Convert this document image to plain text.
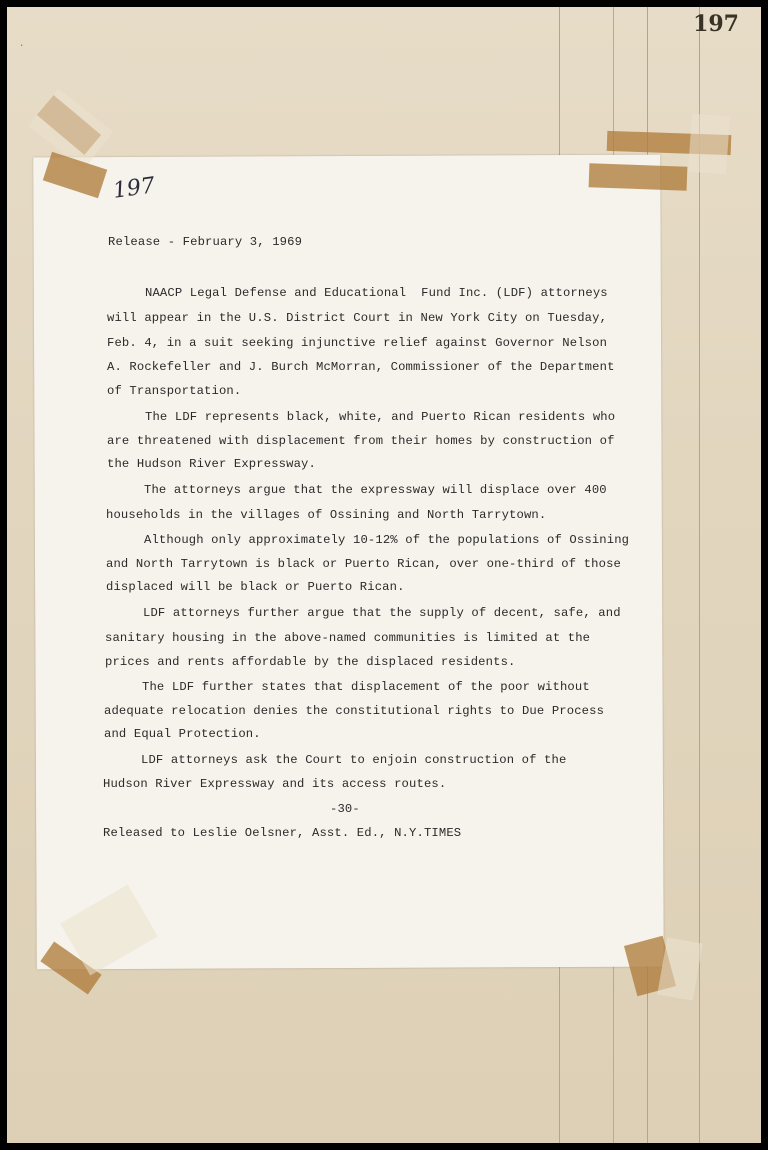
197
·
197
Release - February 3, 1969
NAACP Legal Defense and Educational  Fund Inc. (LDF) attorneys
will appear in the U.S. District Court in New York City on Tuesday,
Feb. 4, in a suit seeking injunctive relief against Governor Nelson
A. Rockefeller and J. Burch McMorran, Commissioner of the Department
of Transportation.
The LDF represents black, white, and Puerto Rican residents who
are threatened with displacement from their homes by construction of
the Hudson River Expressway.
The attorneys argue that the expressway will displace over 400
households in the villages of Ossining and North Tarrytown.
Although only approximately 10-12% of the populations of Ossining
and North Tarrytown is black or Puerto Rican, over one-third of those
displaced will be black or Puerto Rican.
LDF attorneys further argue that the supply of decent, safe, and
sanitary housing in the above-named communities is limited at the
prices and rents affordable by the displaced residents.
The LDF further states that displacement of the poor without
adequate relocation denies the constitutional rights to Due Process
and Equal Protection.
LDF attorneys ask the Court to enjoin construction of the
Hudson River Expressway and its access routes.
-30-
Released to Leslie Oelsner, Asst. Ed., N.Y.TIMES
